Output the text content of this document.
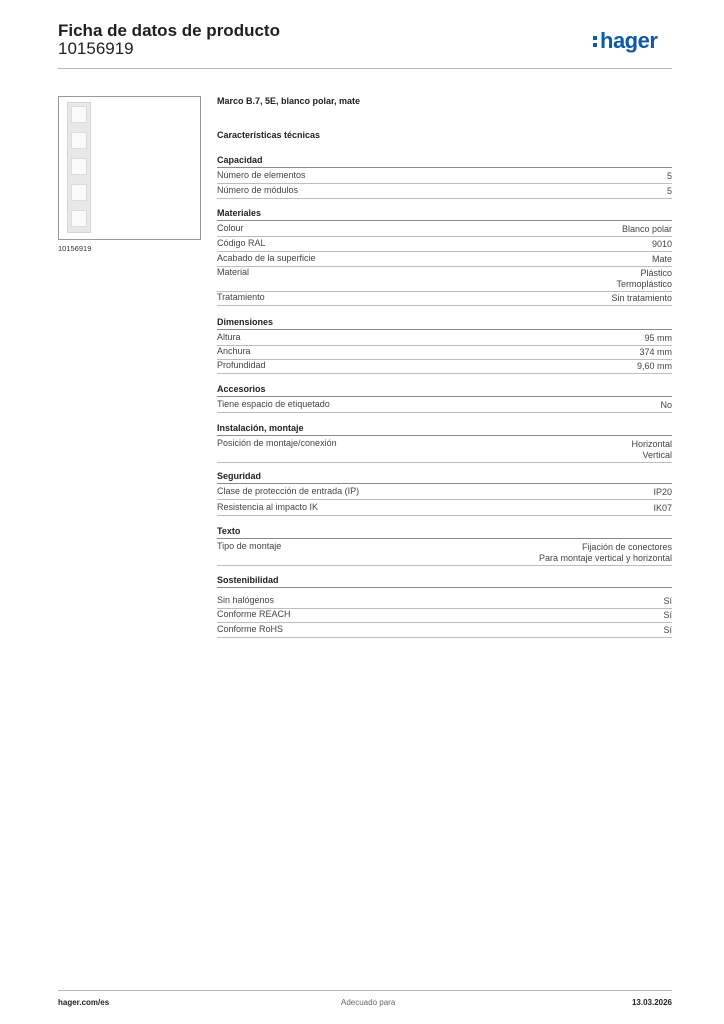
Ficha de datos de producto
10156919	hager
10156919
Marco B.7, 5E, blanco polar, mate
Características técnicas
Capacidad
Número de elementos	5
Número de módulos	5
Materiales
Colour	Blanco polar
Código RAL	9010
Acabado de la superficie	Mate
Material	Plástico
Termoplástico
Tratamiento	Sin tratamiento
Dimensiones
Altura	95 mm
Anchura	374 mm
Profundidad	9,60 mm
Accesorios
Tiene espacio de etiquetado	No
Instalación, montaje
Posición de montaje/conexión	Horizontal
Vertical
Seguridad
Clase de protección de entrada (IP)	IP20
Resistencia al impacto IK	IK07
Texto
Tipo de montaje	Fijación de conectores
Para montaje vertical y horizontal
Sostenibilidad
Sin halógenos	Sí
Conforme REACH	Sí
Conforme RoHS	Sí
hager.com/es	Adecuado para	13.03.2026
